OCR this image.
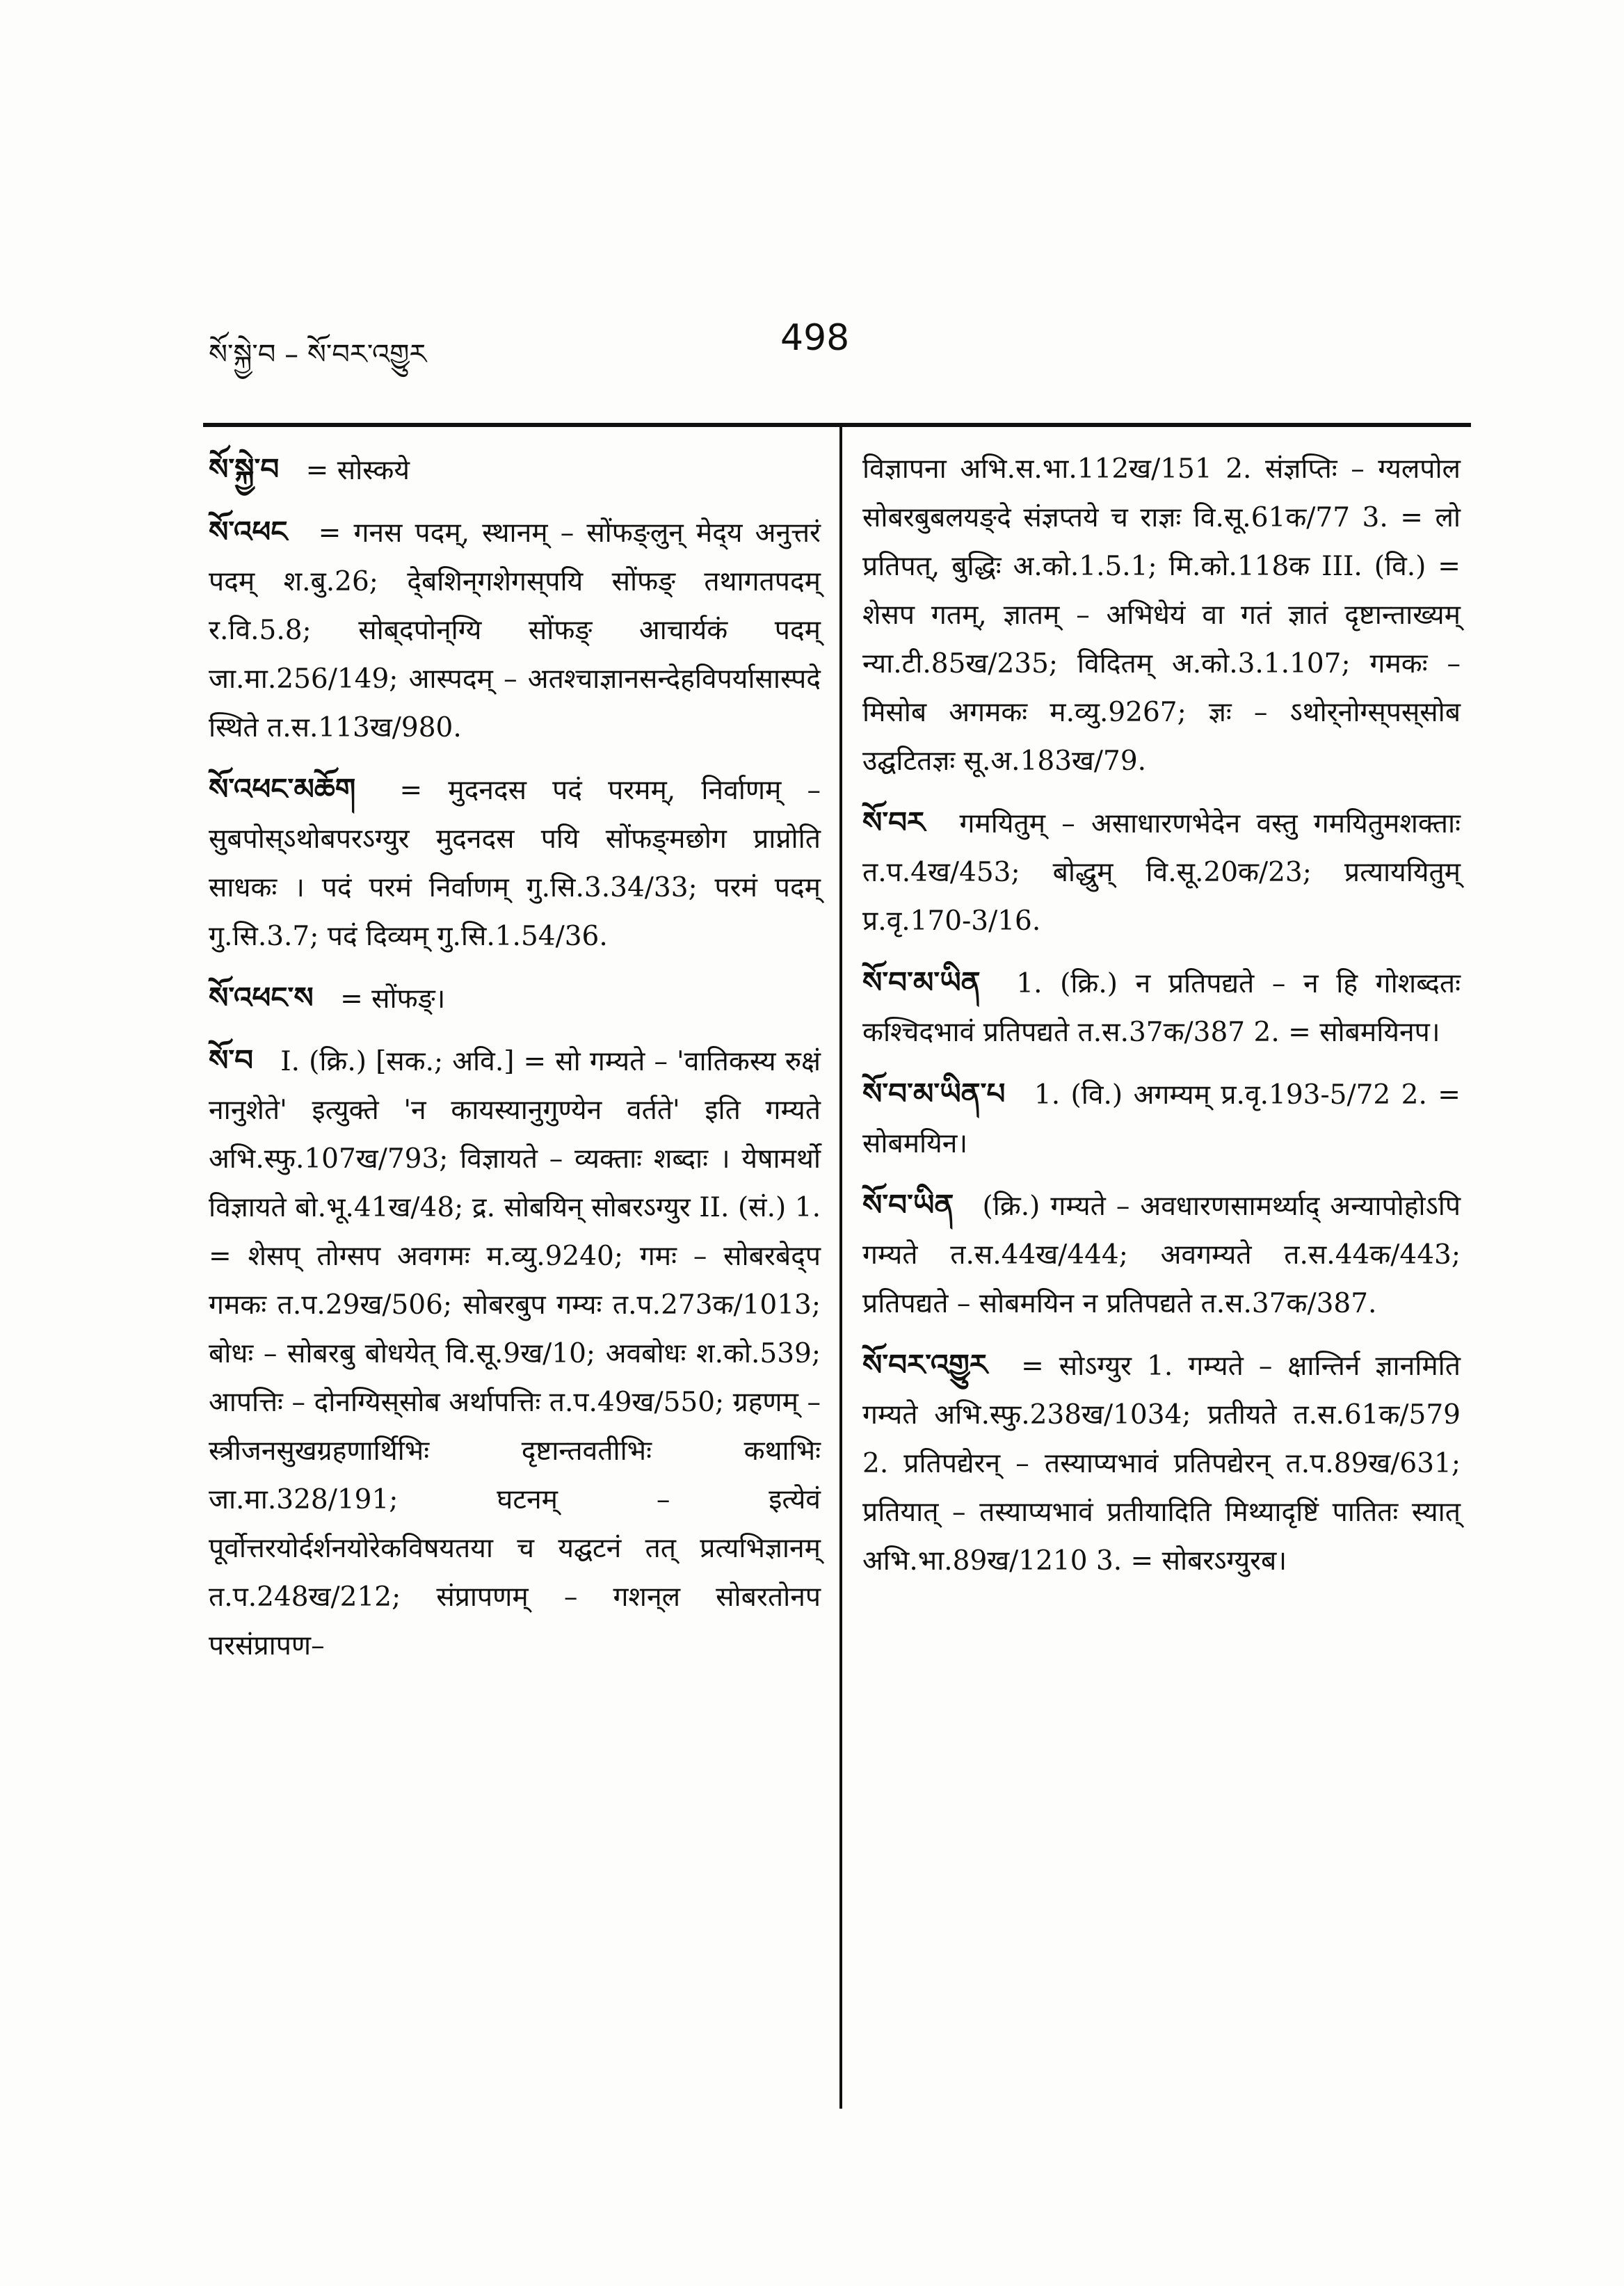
སོ་སྐྱེ་བ – སོ་བར་འགྱུར	498
སོ་སྐྱེ་བ = सोस्‍कये
སོ་འཕང = गनस पदम्, स्थानम् – सोंफङ्लुन् मेद्‌य अनुत्तरं पदम् श.बु.26; दे्‌बशिन्‌गशेगस्‌पयि सोंफङ् तथागतपदम् र.वि.5.8; सोब्‌दपोन्‌ग्यि सोंफङ् आचार्यकं पदम् जा.मा.256/149; आस्पदम् – अतश्चाज्ञानसन्देहविपर्यासास्पदे स्थिते त.स.113ख/980.
སོ་འཕང་མཆོག = मुदनदस पदं परमम्, निर्वाणम् – सुबपोस्‌ऽथोबपरऽग्युर मुदनदस पयि सोंफङ्‌मछोग प्राप्नोति साधकः । पदं परमं निर्वाणम् गु.सि.3.34/33; परमं पदम् गु.सि.3.7; पदं दिव्यम् गु.सि.1.54/36.
སོ་འཕང་ས = सोंफङ्।
སོ་བ I. (क्रि.) [सक.; अवि.] = सो गम्यते – 'वातिकस्य रुक्षं नानुशेते' इत्युक्ते 'न कायस्यानुगुण्येन वर्तते' इति गम्यते अभि.स्फु.107ख/793; विज्ञायते – व्यक्ताः शब्दाः । येषामर्थो विज्ञायते बो.भू.41ख/48; द्र. सोबयिन्‌ सोबरऽग्युर II. (सं.) 1. = शेसप्‌ तोग्सप अवगमः म.व्यु.9240; गमः – सोबरबेद्‌प गमकः त.प.29ख/506; सोबरबुप गम्यः त.प.273क/1013; बोधः – सोबरबु बोधयेत् वि.सू.9ख/10; अवबोधः श.को.539; आपत्तिः – दोनग्यिस्‌सोब अर्थापत्तिः त.प.49ख/550; ग्रहणम् – स्त्रीजनसुखग्रहणार्थिभिः दृष्टान्तवतीभिः कथाभिः जा.मा.328/191; घटनम् – इत्येवं पूर्वोत्तरयोर्दर्शनयोरेकविषयतया च यद्घटनं तत् प्रत्यभिज्ञानम् त.प.248ख/212; संप्रापणम् – गशन्‌ल सोबरतोनप परसंप्रापण–
विज्ञापना अभि.स.भा.112ख/151 2. संज्ञप्तिः – ग्यलपोल सोबरबुबलयङ्‌दे संज्ञप्तये च राज्ञः वि.सू.61क/77 3. = लो प्रतिपत्, बुद्धिः अ.को.1.5.1; मि.को.118क III. (वि.) = शेसप गतम्, ज्ञातम् – अभिधेयं वा गतं ज्ञातं दृष्टान्ताख्यम् न्या.टी.85ख/235; विदितम् अ.को.3.1.107; गमकः – मिसोब अगमकः म.व्यु.9267; ज्ञः – ऽथोर्‌नोग्स्‌पस्‌सोब उद्घटितज्ञः सू.अ.183ख/79.
སོ་བར गमयितुम् – असाधारणभेदेन वस्तु गमयितुमशक्ताः त.प.4ख/453; बोद्धुम् वि.सू.20क/23; प्रत्याययितुम् प्र.वृ.170-3/16.
སོ་བ་མ་ཡིན 1. (क्रि.) न प्रतिपद्यते – न हि गोशब्दतः कश्चिदभावं प्रतिपद्यते त.स.37क/387 2. = सोबमयिनप।
སོ་བ་མ་ཡིན་པ 1. (वि.) अगम्यम् प्र.वृ.193-5/72 2. = सोबमयिन।
སོ་བ་ཡིན (क्रि.) गम्यते – अवधारणसामर्थ्याद् अन्यापोहोऽपि गम्यते त.स.44ख/444; अवगम्यते त.स.44क/443; प्रतिपद्यते – सोबमयिन न प्रतिपद्यते त.स.37क/387.
སོ་བར་འགྱུར = सोऽग्युर 1. गम्यते – क्षान्तिर्न ज्ञानमिति गम्यते अभि.स्फु.238ख/1034; प्रतीयते त.स.61क/579 2. प्रतिपद्येरन् – तस्याप्यभावं प्रतिपद्येरन् त.प.89ख/631; प्रतियात् – तस्याप्यभावं प्रतीयादिति मिथ्यादृष्टिं पातितः स्यात् अभि.भा.89ख/1210 3. = सोबरऽग्युरब।
